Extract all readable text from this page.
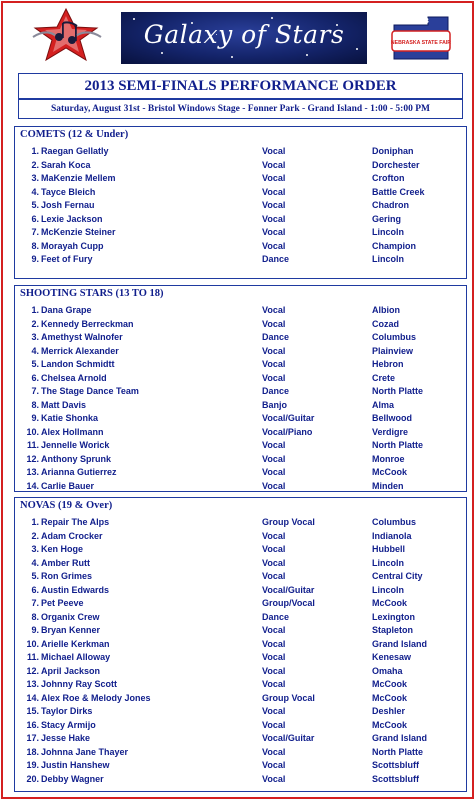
Galaxy of Stars	2013
NEBRASKA STATE FAIR
2013 SEMI-FINALS PERFORMANCE ORDER
Saturday, August 31st - Bristol Windows Stage - Fonner Park - Grand Island - 1:00 - 5:00 PM
COMETS (12 & Under)
1. Raegan Gellatly	Vocal	Doniphan
2. Sarah Koca	Vocal	Dorchester
3. MaKenzie Mellem	Vocal	Crofton
4. Tayce Bleich	Vocal	Battle Creek
5. Josh Fernau	Vocal	Chadron
6. Lexie Jackson	Vocal	Gering
7. McKenzie Steiner	Vocal	Lincoln
8. Morayah Cupp	Vocal	Champion
9. Feet of Fury	Dance	Lincoln
SHOOTING STARS (13 TO 18)
1. Dana Grape	Vocal	Albion
2. Kennedy Berreckman	Vocal	Cozad
3. Amethyst Walnofer	Dance	Columbus
4. Merrick Alexander	Vocal	Plainview
5. Landon Schmidtt	Vocal	Hebron
6. Chelsea Arnold	Vocal	Crete
7. The Stage Dance Team	Dance	North Platte
8. Matt Davis	Banjo	Alma
9. Katie Shonka	Vocal/Guitar	Bellwood
10. Alex Hollmann	Vocal/Piano	Verdigre
11. Jennelle Worick	Vocal	North Platte
12. Anthony Sprunk	Vocal	Monroe
13. Arianna Gutierrez	Vocal	McCook
14. Carlie Bauer	Vocal	Minden
NOVAS (19 & Over)
1. Repair The Alps	Group Vocal	Columbus
2. Adam Crocker	Vocal	Indianola
3. Ken Hoge	Vocal	Hubbell
4. Amber Rutt	Vocal	Lincoln
5. Ron Grimes	Vocal	Central City
6. Austin Edwards	Vocal/Guitar	Lincoln
7. Pet Peeve	Group/Vocal	McCook
8. Organix Crew	Dance	Lexington
9. Bryan Kenner	Vocal	Stapleton
10. Arielle Kerkman	Vocal	Grand Island
11. Michael Alloway	Vocal	Kenesaw
12. April Jackson	Vocal	Omaha
13. Johnny Ray Scott	Vocal	McCook
14. Alex Roe & Melody Jones	Group Vocal	McCook
15. Taylor Dirks	Vocal	Deshler
16. Stacy Armijo	Vocal	McCook
17. Jesse Hake	Vocal/Guitar	Grand Island
18. Johnna Jane Thayer	Vocal	North Platte
19. Justin Hanshew	Vocal	Scottsbluff
20. Debby Wagner	Vocal	Scottsbluff
